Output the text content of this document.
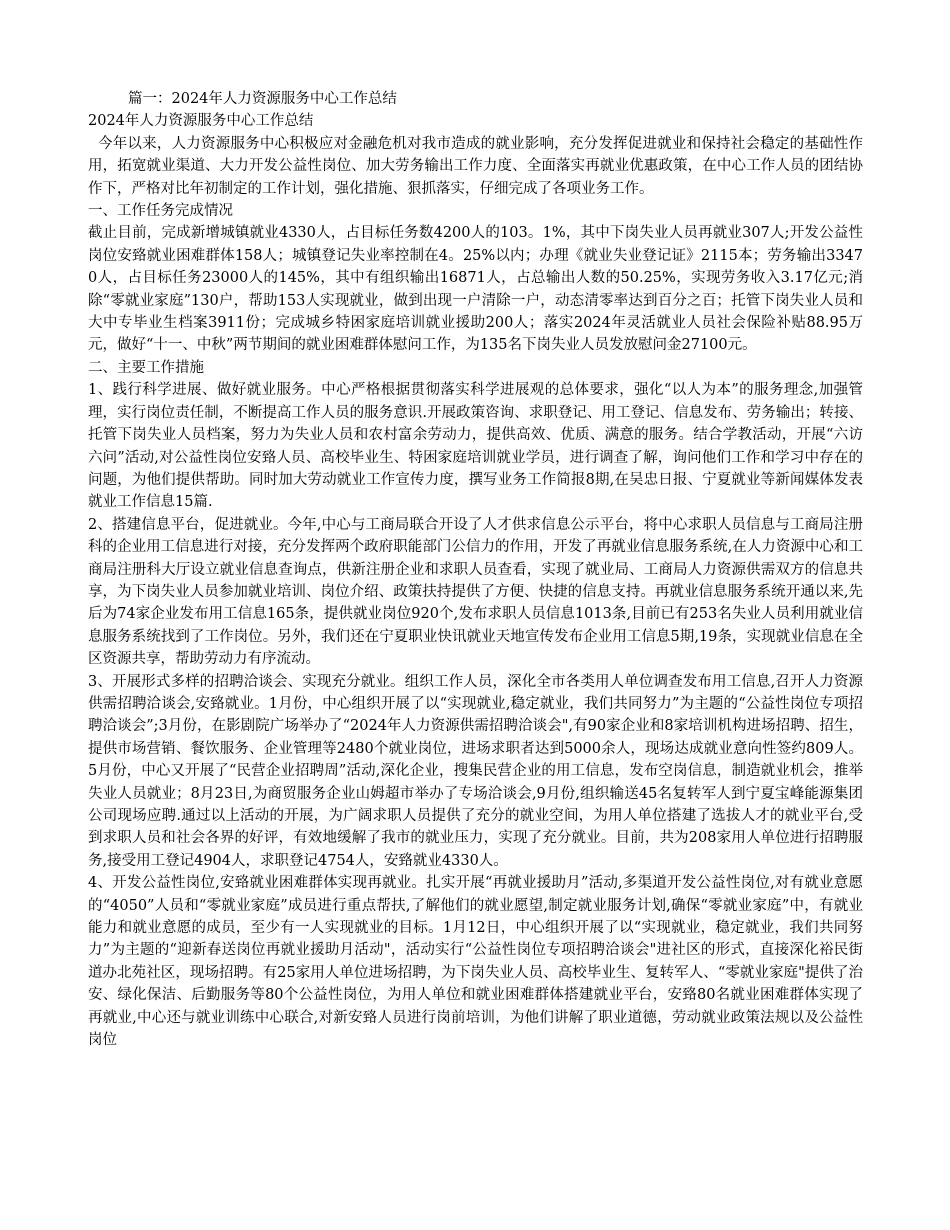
篇一：2024年人力资源服务中心工作总结

2024年人力资源服务中心工作总结

今年以来，人力资源服务中心积极应对金融危机对我市造成的就业影响，充分发挥促进就业和保持社会稳定的基础性作用，拓宽就业渠道、大力开发公益性岗位、加大劳务输出工作力度、全面落实再就业优惠政策，在中心工作人员的团结协作下，严格对比年初制定的工作计划，强化措施、狠抓落实，仔细完成了各项业务工作。

一、工作任务完成情况

截止目前，完成新增城镇就业4330人，占目标任务数4200人的103。1%，其中下岗失业人员再就业307人;开发公益性岗位安臵就业困难群体158人；城镇登记失业率控制在4。25%以内；办理《就业失业登记证》2115本；劳务输出33470人，占目标任务23000人的145%，其中有组织输出16871人，占总输出人数的50.25%，实现劳务收入3.17亿元;消除“零就业家庭”130户，帮助153人实现就业，做到出现一户清除一户，动态清零率达到百分之百；托管下岗失业人员和大中专毕业生档案3911份；完成城乡特困家庭培训就业援助200人；落实2024年灵活就业人员社会保险补贴88.95万元，做好“十一、中秋”两节期间的就业困难群体慰问工作，为135名下岗失业人员发放慰问金27100元。

二、主要工作措施

1、践行科学进展、做好就业服务。中心严格根据贯彻落实科学进展观的总体要求，强化“以人为本”的服务理念,加强管理，实行岗位责任制，不断提高工作人员的服务意识.开展政策咨询、求职登记、用工登记、信息发布、劳务输出；转接、托管下岗失业人员档案，努力为失业人员和农村富余劳动力，提供高效、优质、满意的服务。结合学教活动，开展“六访六问”活动,对公益性岗位安臵人员、高校毕业生、特困家庭培训就业学员，进行调查了解，询问他们工作和学习中存在的问题，为他们提供帮助。同时加大劳动就业工作宣传力度，撰写业务工作简报8期,在吴忠日报、宁夏就业等新闻媒体发表就业工作信息15篇.

2、搭建信息平台，促进就业。今年,中心与工商局联合开设了人才供求信息公示平台，将中心求职人员信息与工商局注册科的企业用工信息进行对接，充分发挥两个政府职能部门公信力的作用，开发了再就业信息服务系统,在人力资源中心和工商局注册科大厅设立就业信息查询点，供新注册企业和求职人员查看，实现了就业局、工商局人力资源供需双方的信息共享，为下岗失业人员参加就业培训、岗位介绍、政策扶持提供了方便、快捷的信息支持。再就业信息服务系统开通以来,先后为74家企业发布用工信息165条，提供就业岗位920个,发布求职人员信息1013条,目前已有253名失业人员利用就业信息服务系统找到了工作岗位。另外，我们还在宁夏职业快讯就业天地宣传发布企业用工信息5期,19条，实现就业信息在全区资源共享，帮助劳动力有序流动。

3、开展形式多样的招聘洽谈会、实现充分就业。组织工作人员，深化全市各类用人单位调查发布用工信息,召开人力资源供需招聘洽谈会,安臵就业。1月份，中心组织开展了以“实现就业,稳定就业，我们共同努力”为主题的“公益性岗位专项招聘洽谈会”;3月份，在影剧院广场举办了“2024年人力资源供需招聘洽谈会",有90家企业和8家培训机构进场招聘、招生，提供市场营销、餐饮服务、企业管理等2480个就业岗位，进场求职者达到5000余人，现场达成就业意向性签约809人。5月份，中心又开展了“民营企业招聘周”活动,深化企业，搜集民营企业的用工信息，发布空岗信息，制造就业机会，推举失业人员就业；8月23日,为商贸服务企业山姆超市举办了专场洽谈会,9月份,组织输送45名复转军人到宁夏宝峰能源集团公司现场应聘.通过以上活动的开展，为广阔求职人员提供了充分的就业空间，为用人单位搭建了选拔人才的就业平台,受到求职人员和社会各界的好评，有效地缓解了我市的就业压力，实现了充分就业。目前，共为208家用人单位进行招聘服务,接受用工登记4904人，求职登记4754人，安臵就业4330人。

4、开发公益性岗位,安臵就业困难群体实现再就业。扎实开展“再就业援助月”活动,多渠道开发公益性岗位,对有就业意愿的“4050”人员和“零就业家庭”成员进行重点帮扶,了解他们的就业愿望,制定就业服务计划,确保“零就业家庭”中，有就业能力和就业意愿的成员，至少有一人实现就业的目标。1月12日，中心组织开展了以“实现就业，稳定就业，我们共同努力”为主题的“迎新春送岗位再就业援助月活动"，活动实行“公益性岗位专项招聘洽谈会"进社区的形式，直接深化裕民街道办北苑社区，现场招聘。有25家用人单位进场招聘，为下岗失业人员、高校毕业生、复转军人、“零就业家庭"提供了治安、绿化保洁、后勤服务等80个公益性岗位，为用人单位和就业困难群体搭建就业平台，安臵80名就业困难群体实现了再就业,中心还与就业训练中心联合,对新安臵人员进行岗前培训，为他们讲解了职业道德，劳动就业政策法规以及公益性岗位
